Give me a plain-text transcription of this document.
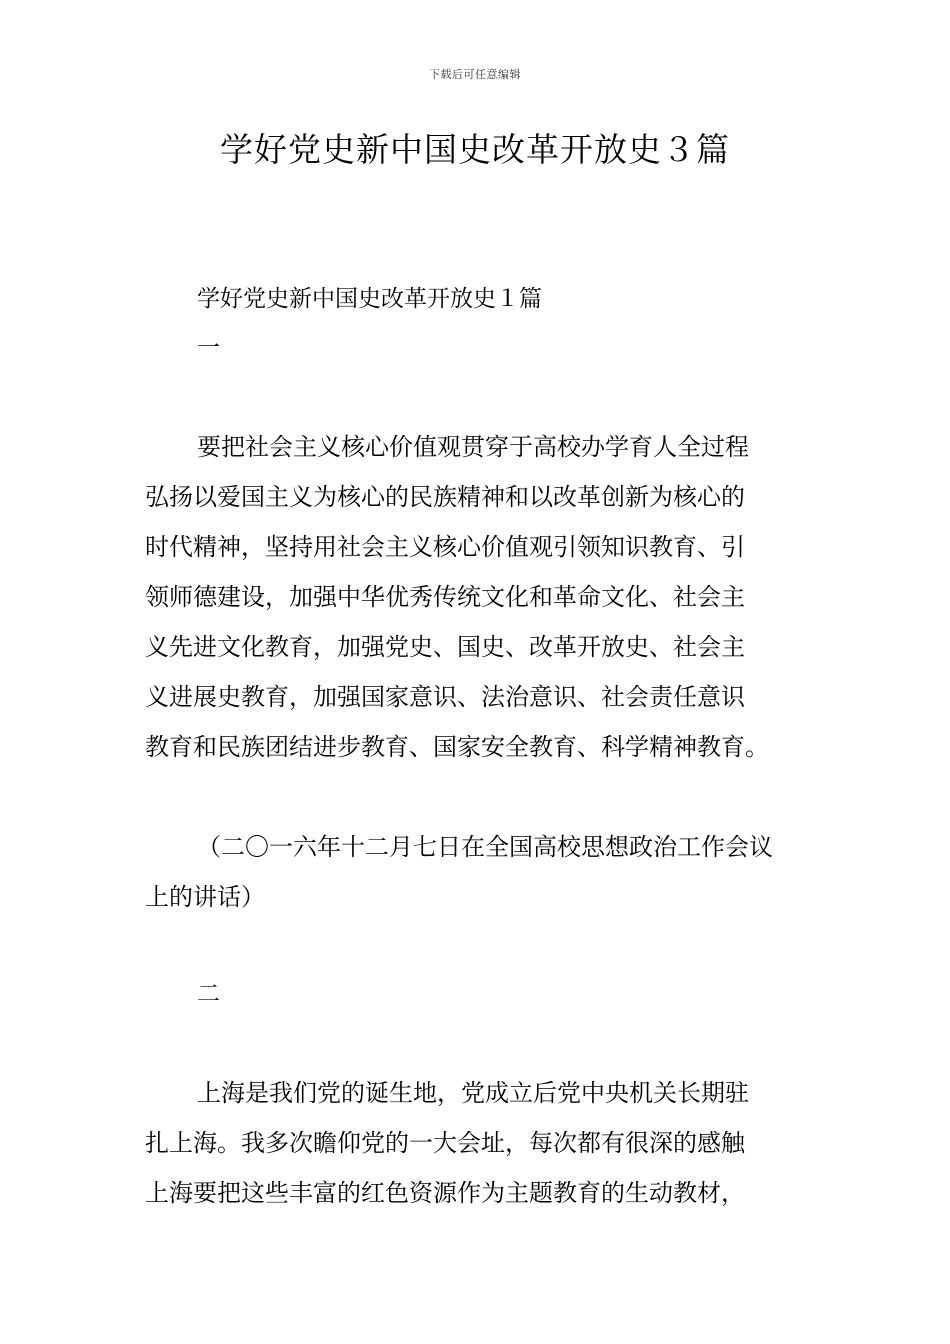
下载后可任意编辑
学好党史新中国史改革开放史３篇
学好党史新中国史改革开放史１篇
一
要把社会主义核心价值观贯穿于高校办学育人全过程
弘扬以爱国主义为核心的民族精神和以改革创新为核心的
时代精神，坚持用社会主义核心价值观引领知识教育、引
领师德建设，加强中华优秀传统文化和革命文化、社会主
义先进文化教育，加强党史、国史、改革开放史、社会主
义进展史教育，加强国家意识、法治意识、社会责任意识
教育和民族团结进步教育、国家安全教育、科学精神教育。
（二〇一六年十二月七日在全国高校思想政治工作会议
上的讲话）
二
上海是我们党的诞生地，党成立后党中央机关长期驻
扎上海。我多次瞻仰党的一大会址，每次都有很深的感触
上海要把这些丰富的红色资源作为主题教育的生动教材，
